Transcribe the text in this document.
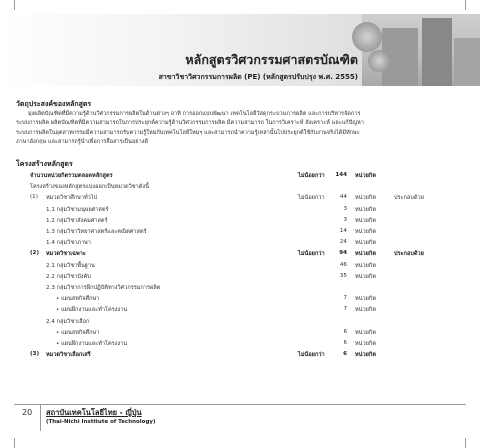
หลักสูตรวิศวกรรมศาสตรบัณฑิต
สาขาวิชาวิศวกรรมการผลิต (PE) (หลักสูตรปรับปรุง พ.ศ. 2555)
วัตถุประสงค์ของหลักสูตร
มุ่งผลิตบัณฑิตที่มีความรู้ด้านวิศวกรรมการผลิตในด้านต่างๆ อาทิ การออกแบบพัฒนา เทคโนโลยีวัสดุกระบวนการผลิต และการบริหารจัดการ
ระบบการผลิต ผลิตบัณฑิตที่มีความสามารถในการประยุกต์ความรู้ด้านวิศวกรรมการผลิต มีความสามารถ ในการวิเคราะห์ สังเคราะห์ และแก้ปัญหา
ระบบการผลิตในอุตสาหกรรมมีความสามารถรับความรู้ใหม่กับเทคโนโลยีใหม่ๆ และสามารถนำความรู้เหล่านั้นไปประยุกต์ใช้กับงานจริงได้มีทักษะ
ภาษาอังกฤษ และสามารถรู้นำเพื่อการสื่อสารเป็นอย่างดี
โครงสร้างหลักสูตร
จำนวนหน่วยกิตรวมตลอดหลักสูตร	ไม่น้อยกว่า 144 หน่วยกิต
โครงสร้างของหลักสูตรแบ่งออกเป็นหมวดวิชาดังนี้
(1) หมวดวิชาศึกษาทั่วไป	ไม่น้อยกว่า	44 หน่วยกิต	ประกอบด้วย
1.1 กลุ่มวิชามนุษยศาสตร์	3 หน่วยกิต
1.2 กลุ่มวิชาสังคมศาสตร์	3 หน่วยกิต
1.3 กลุ่มวิชาวิทยาศาสตร์และคณิตศาสตร์	14 หน่วยกิต
1.4 กลุ่มวิชาภาษา	24 หน่วยกิต
(2) หมวดวิชาเฉพาะ	ไม่น้อยกว่า	94 หน่วยกิต	ประกอบด้วย
2.1 กลุ่มวิชาพื้นฐาน	46 หน่วยกิต
2.2 กลุ่มวิชาบังคับ	35 หน่วยกิต
2.3 กลุ่มวิชาการฝึกปฏิบัติทางวิศวกรรมการผลิต
• แผนสหกิจศึกษา	7 หน่วยกิต
• แผนฝึกงานและทำโครงงาน	7 หน่วยกิต
2.4 กลุ่มวิชาเลือก
• แผนสหกิจศึกษา	6 หน่วยกิต
• แผนฝึกงานและทำโครงงาน	6 หน่วยกิต
(3) หมวดวิชาเลือกเสรี	ไม่น้อยกว่า	6 หน่วยกิต
20 สถาบันเทคโนโลยีไทย - ญี่ปุ่น
(Thai-Nichi Institute of Technology)
